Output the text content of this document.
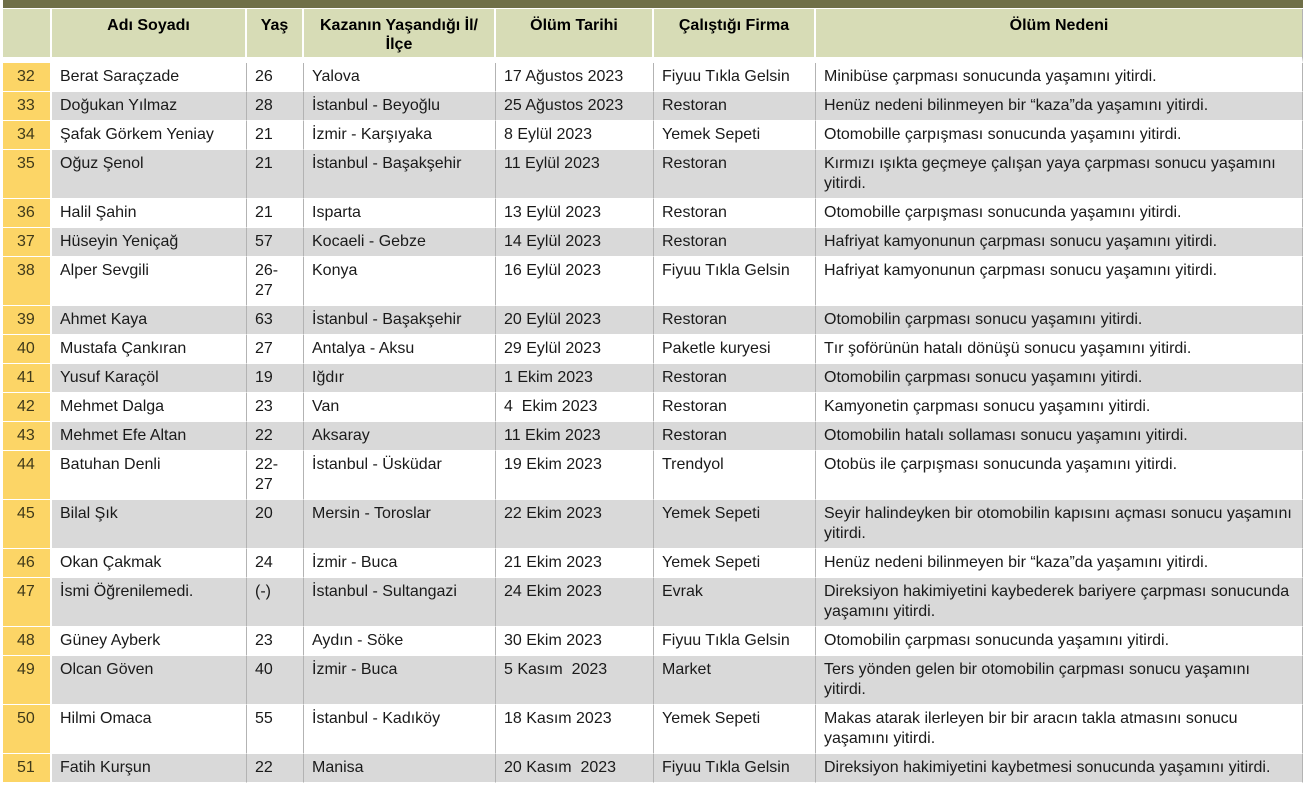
	Adı Soyadı	Yaş	Kazanın Yaşandığı İl/İlçe	Ölüm Tarihi	Çalıştığı Firma	Ölüm Nedeni
32	Berat Saraçzade	26	Yalova	17 Ağustos 2023	Fiyuu Tıkla Gelsin	Minibüse çarpması sonucunda yaşamını yitirdi.
33	Doğukan Yılmaz	28	İstanbul - Beyoğlu	25 Ağustos 2023	Restoran	Henüz nedeni bilinmeyen bir “kaza”da yaşamını yitirdi.
34	Şafak Görkem Yeniay	21	İzmir - Karşıyaka	8 Eylül 2023	Yemek Sepeti	Otomobille çarpışması sonucunda yaşamını yitirdi.
35	Oğuz Şenol	21	İstanbul - Başakşehir	11 Eylül 2023	Restoran	Kırmızı ışıkta geçmeye çalışan yaya çarpması sonucu yaşamını yitirdi.
36	Halil Şahin	21	Isparta	13 Eylül 2023	Restoran	Otomobille çarpışması sonucunda yaşamını yitirdi.
37	Hüseyin Yeniçağ	57	Kocaeli - Gebze	14 Eylül 2023	Restoran	Hafriyat kamyonunun çarpması sonucu yaşamını yitirdi.
38	Alper Sevgili	26-27	Konya	16 Eylül 2023	Fiyuu Tıkla Gelsin	Hafriyat kamyonunun çarpması sonucu yaşamını yitirdi.
39	Ahmet Kaya	63	İstanbul - Başakşehir	20 Eylül 2023	Restoran	Otomobilin çarpması sonucu yaşamını yitirdi.
40	Mustafa Çankıran	27	Antalya - Aksu	29 Eylül 2023	Paketle kuryesi	Tır şoförünün hatalı dönüşü sonucu yaşamını yitirdi.
41	Yusuf Karaçöl	19	Iğdır	1 Ekim 2023	Restoran	Otomobilin çarpması sonucu yaşamını yitirdi.
42	Mehmet Dalga	23	Van	4  Ekim 2023	Restoran	Kamyonetin çarpması sonucu yaşamını yitirdi.
43	Mehmet Efe Altan	22	Aksaray	11 Ekim 2023	Restoran	Otomobilin hatalı sollaması sonucu yaşamını yitirdi.
44	Batuhan Denli	22-27	İstanbul - Üsküdar	19 Ekim 2023	Trendyol	Otobüs ile çarpışması sonucunda yaşamını yitirdi.
45	Bilal Şık	20	Mersin - Toroslar	22 Ekim 2023	Yemek Sepeti	Seyir halindeyken bir otomobilin kapısını açması sonucu yaşamını yitirdi.
46	Okan Çakmak	24	İzmir - Buca	21 Ekim 2023	Yemek Sepeti	Henüz nedeni bilinmeyen bir “kaza”da yaşamını yitirdi.
47	İsmi Öğrenilemedi.	(-)	İstanbul - Sultangazi	24 Ekim 2023	Evrak	Direksiyon hakimiyetini kaybederek bariyere çarpması sonucunda yaşamını yitirdi.
48	Güney Ayberk	23	Aydın - Söke	30 Ekim 2023	Fiyuu Tıkla Gelsin	Otomobilin çarpması sonucunda yaşamını yitirdi.
49	Olcan Göven	40	İzmir - Buca	5 Kasım  2023	Market	Ters yönden gelen bir otomobilin çarpması sonucu yaşamını yitirdi.
50	Hilmi Omaca	55	İstanbul - Kadıköy	18 Kasım 2023	Yemek Sepeti	Makas atarak ilerleyen bir bir aracın takla atmasını sonucu yaşamını yitirdi.
51	Fatih Kurşun	22	Manisa	20 Kasım  2023	Fiyuu Tıkla Gelsin	Direksiyon hakimiyetini kaybetmesi sonucunda yaşamını yitirdi.
